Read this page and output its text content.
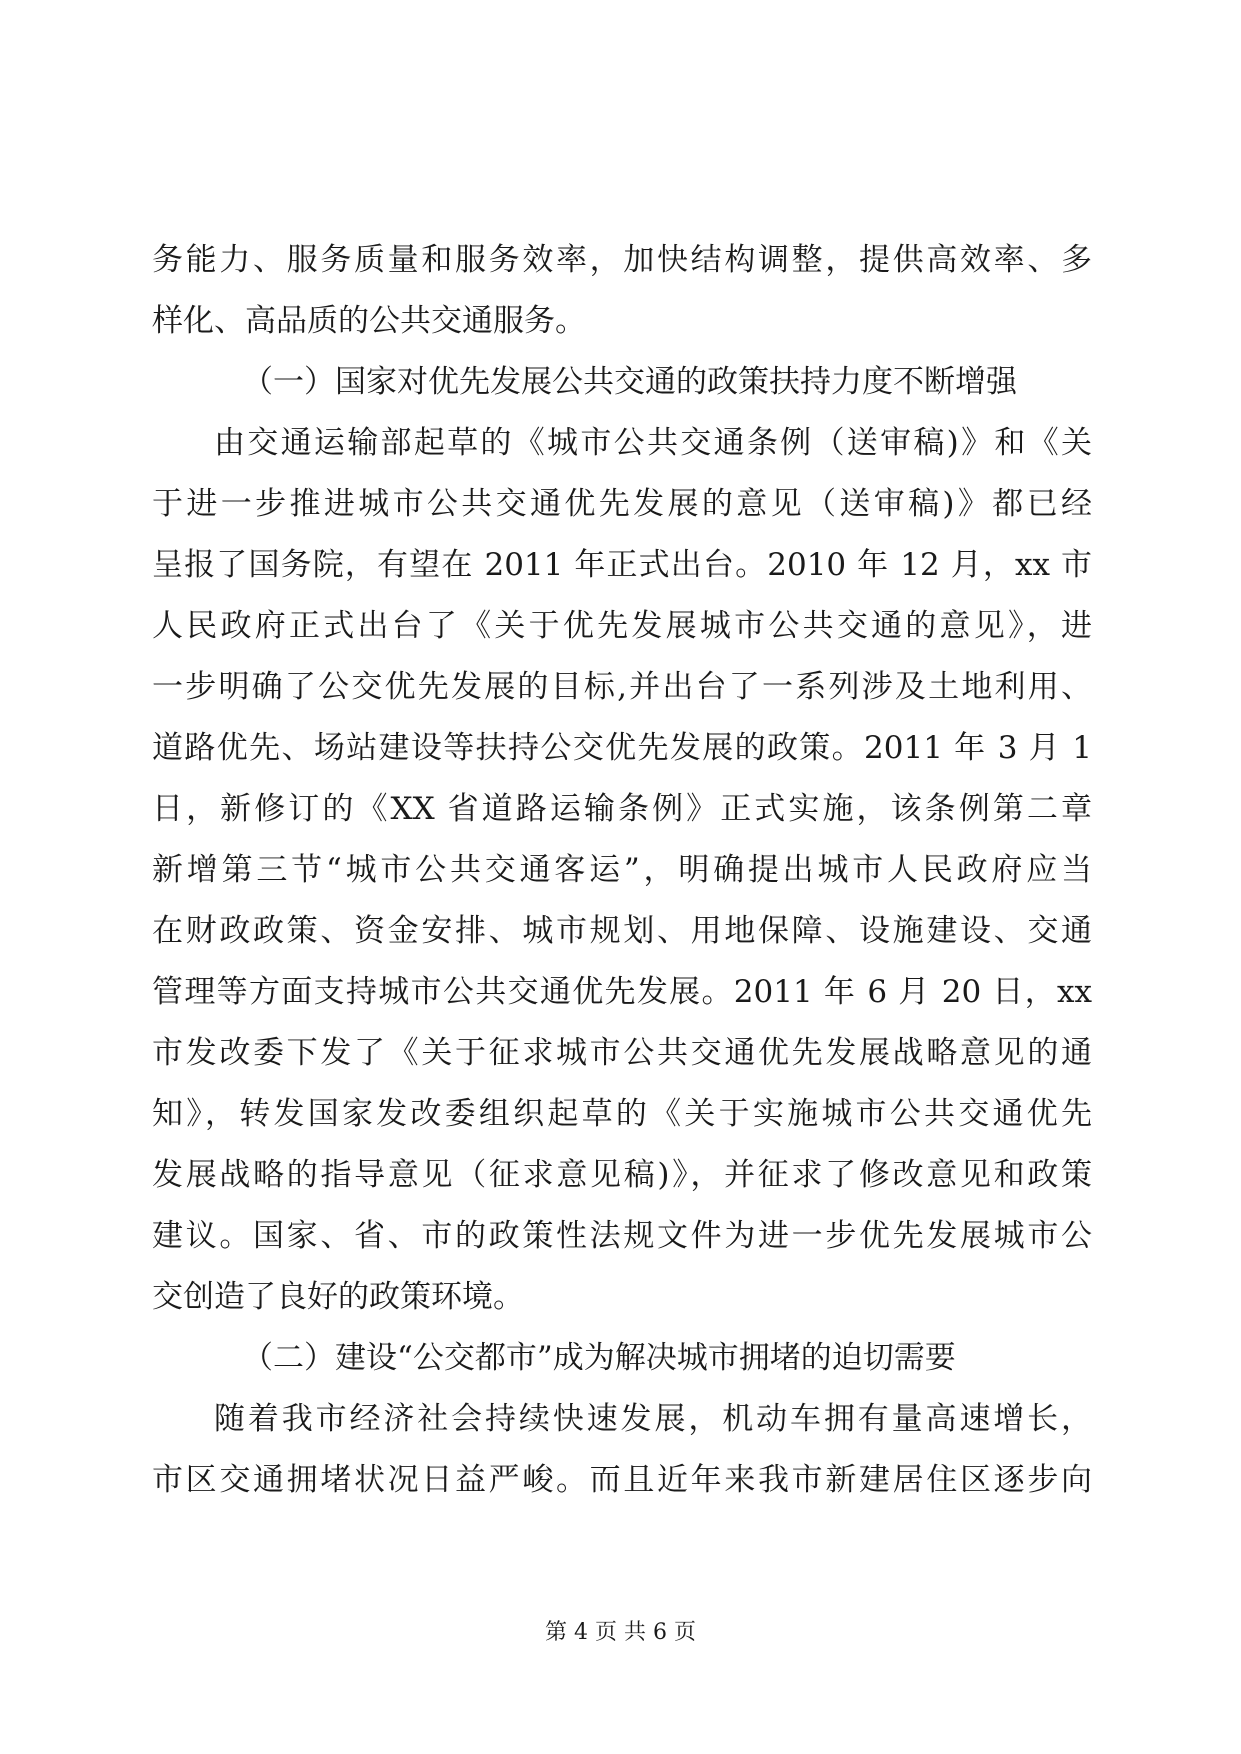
务能力、服务质量和服务效率，加快结构调整，提供高效率、多
样化、高品质的公共交通服务。
（一）国家对优先发展公共交通的政策扶持力度不断增强
由交通运输部起草的《城市公共交通条例（送审稿)》和《关
于进一步推进城市公共交通优先发展的意见（送审稿)》都已经
呈报了国务院，有望在 2011 年正式出台。2010 年 12 月，xx 市
人民政府正式出台了《关于优先发展城市公共交通的意见》，进
一步明确了公交优先发展的目标,并出台了一系列涉及土地利用、
道路优先、场站建设等扶持公交优先发展的政策。2011 年 3 月 1
日，新修订的《XX 省道路运输条例》正式实施，该条例第二章
新增第三节“城市公共交通客运”，明确提出城市人民政府应当
在财政政策、资金安排、城市规划、用地保障、设施建设、交通
管理等方面支持城市公共交通优先发展。2011 年 6 月 20 日，xx
市发改委下发了《关于征求城市公共交通优先发展战略意见的通
知》，转发国家发改委组织起草的《关于实施城市公共交通优先
发展战略的指导意见（征求意见稿)》，并征求了修改意见和政策
建议。国家、省、市的政策性法规文件为进一步优先发展城市公
交创造了良好的政策环境。
（二）建设“公交都市”成为解决城市拥堵的迫切需要
随着我市经济社会持续快速发展，机动车拥有量高速增长，
市区交通拥堵状况日益严峻。而且近年来我市新建居住区逐步向
第 4 页 共 6 页
